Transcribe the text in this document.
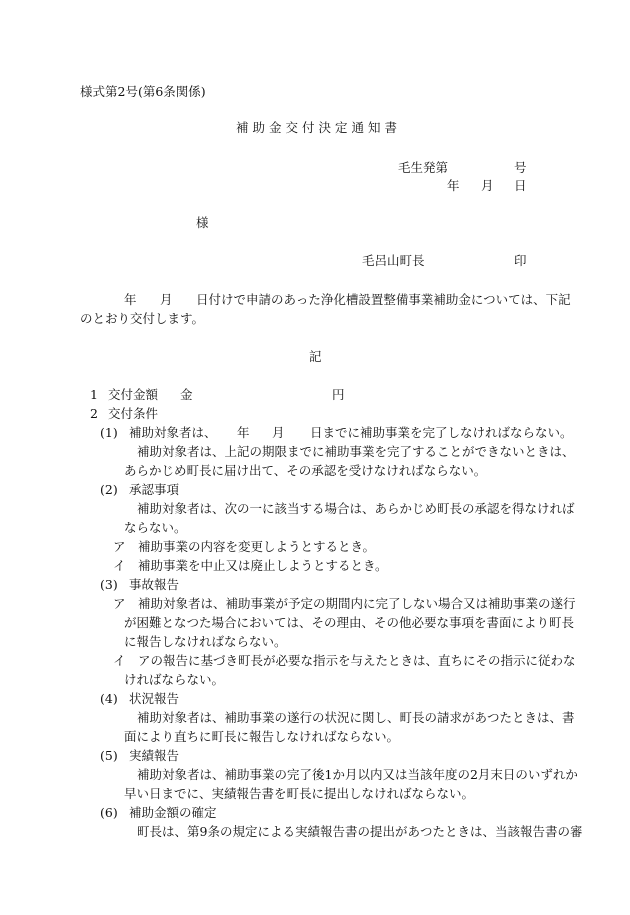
様式第2号(第6条関係)
補助金交付決定通知書
毛生発第	号
年 月 日
様
毛呂山町長	印
年 月 日付けで申請のあった浄化槽設置整備事業補助金については、下記
のとおり交付します。
記
1 交付金額 金	円
2 交付条件
(1) 補助対象者は、 年 月 日までに補助事業を完了しなければならない。
補助対象者は、上記の期限までに補助事業を完了することができないときは、
あらかじめ町長に届け出て、その承認を受けなければならない。
(2) 承認事項
補助対象者は、次の一に該当する場合は、あらかじめ町長の承認を得なければ
ならない。
ア　補助事業の内容を変更しようとするとき。
イ　補助事業を中止又は廃止しようとするとき。
(3) 事故報告
ア　補助対象者は、補助事業が予定の期間内に完了しない場合又は補助事業の遂行
が困難となつた場合においては、その理由、その他必要な事項を書面により町長
に報告しなければならない。
イ　アの報告に基づき町長が必要な指示を与えたときは、直ちにその指示に従わな
ければならない。
(4) 状況報告
補助対象者は、補助事業の遂行の状況に関し、町長の請求があつたときは、書
面により直ちに町長に報告しなければならない。
(5) 実績報告
補助対象者は、補助事業の完了後1か月以内又は当該年度の2月末日のいずれか
早い日までに、実績報告書を町長に提出しなければならない。
(6) 補助金額の確定
町長は、第9条の規定による実績報告書の提出があつたときは、当該報告書の審
